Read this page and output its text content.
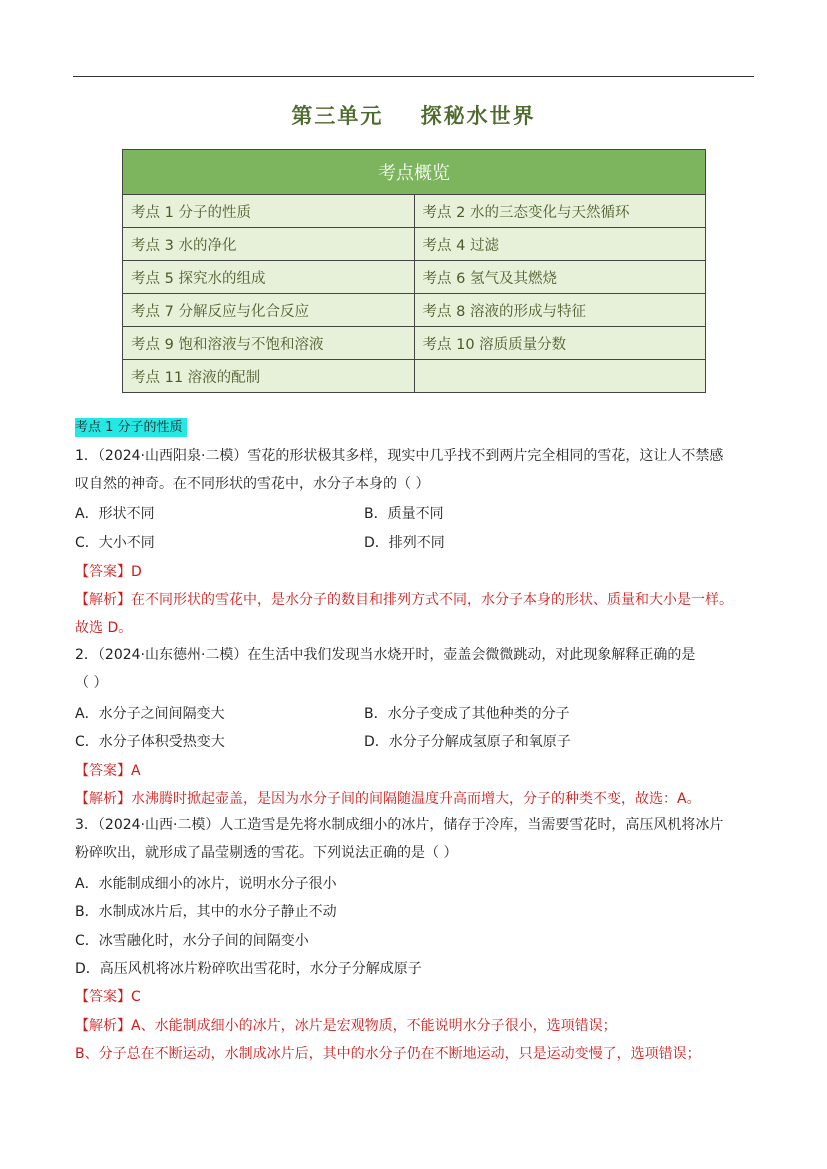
第三单元    探秘水世界
考点概览	
考点 1 分子的性质	考点 2 水的三态变化与天然循环
考点 3 水的净化	考点 4 过滤
考点 5 探究水的组成	考点 6 氢气及其燃烧
考点 7 分解反应与化合反应	考点 8 溶液的形成与特征
考点 9 饱和溶液与不饱和溶液	考点 10 溶质质量分数
考点 11 溶液的配制	
考点 1 分子的性质
1．（2024·山西阳泉·二模）雪花的形状极其多样，现实中几乎找不到两片完全相同的雪花，这让人不禁感
叹自然的神奇。在不同形状的雪花中，水分子本身的（ ）
A．形状不同	B．质量不同
C．大小不同	D．排列不同
【答案】D
【解析】在不同形状的雪花中，是水分子的数目和排列方式不同，水分子本身的形状、质量和大小是一样。
故选 D。
2．（2024·山东德州·二模）在生活中我们发现当水烧开时，壶盖会微微跳动，对此现象解释正确的是
（ ）
A．水分子之间间隔变大	B．水分子变成了其他种类的分子
C．水分子体积受热变大	D．水分子分解成氢原子和氧原子
【答案】A
【解析】水沸腾时掀起壶盖，是因为水分子间的间隔随温度升高而增大，分子的种类不变，故选：A。
3．（2024·山西·二模）人工造雪是先将水制成细小的冰片，储存于冷库，当需要雪花时，高压风机将冰片
粉碎吹出，就形成了晶莹剔透的雪花。下列说法正确的是（ ）
A．水能制成细小的冰片，说明水分子很小
B．水制成冰片后，其中的水分子静止不动
C．冰雪融化时，水分子间的间隔变小
D．高压风机将冰片粉碎吹出雪花时，水分子分解成原子
【答案】C
【解析】A、水能制成细小的冰片，冰片是宏观物质，不能说明水分子很小，选项错误；
B、分子总在不断运动，水制成冰片后，其中的水分子仍在不断地运动，只是运动变慢了，选项错误；
